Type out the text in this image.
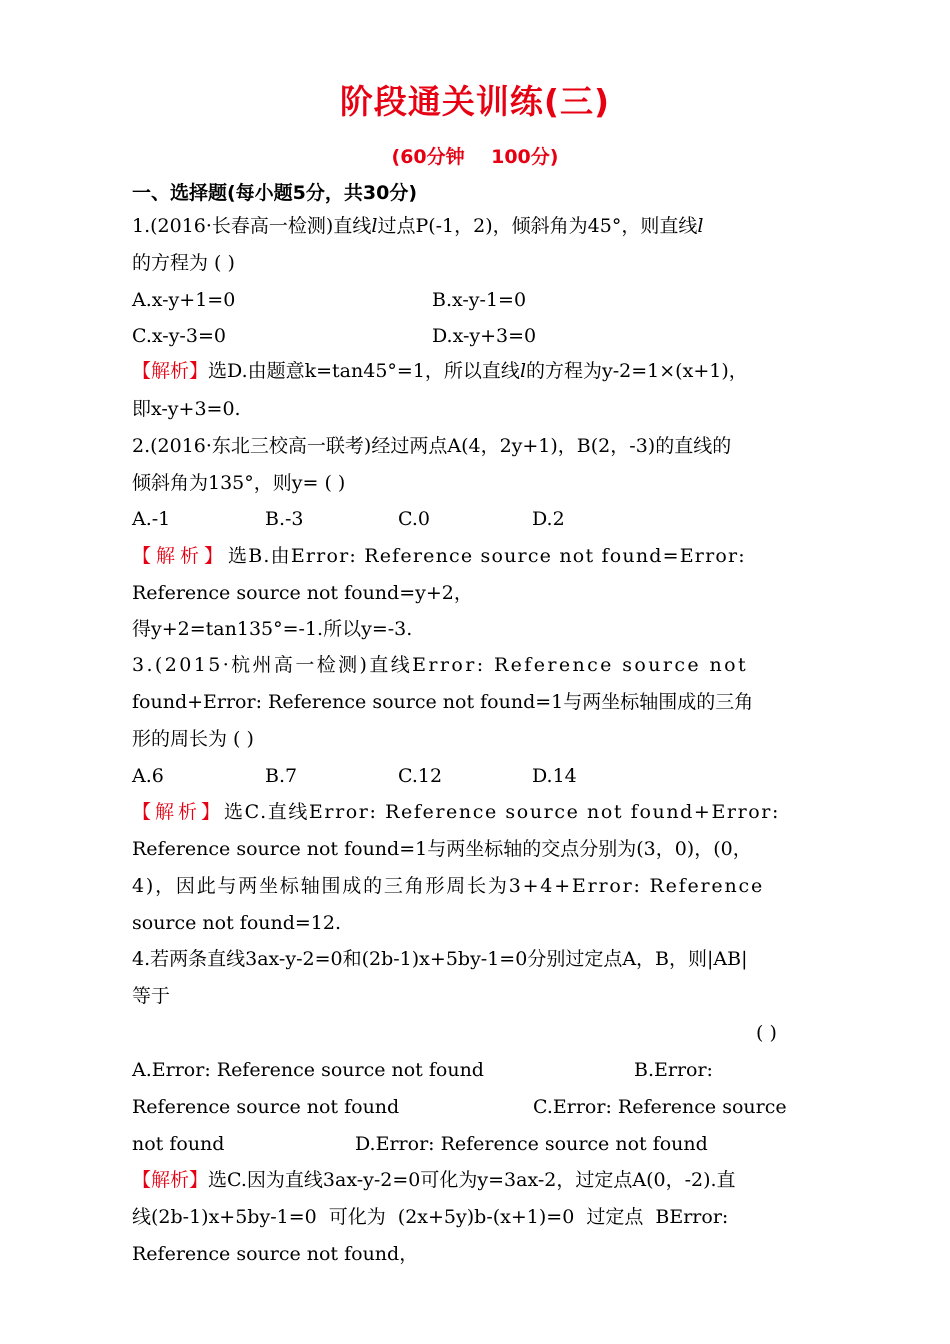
阶段通关训练(三)
(60分钟    100分)
一、选择题(每小题5分，共30分)
1.(2016·长春高一检测)直线l过点P(-1，2)，倾斜角为45°，则直线l
的方程为 ( )
A.x-y+1=0	B.x-y-1=0
C.x-y-3=0	D.x-y+3=0
【解析】选D.由题意k=tan45°=1，所以直线l的方程为y-2=1×(x+1)，
即x-y+3=0.
2.(2016·东北三校高一联考)经过两点A(4，2y+1)，B(2，-3)的直线的
倾斜角为135°，则y= ( )
A.-1	B.-3	C.0	D.2
【解析】选B.由Error: Reference source not found=Error:
Reference source not found=y+2，
得y+2=tan135°=-1.所以y=-3.
3.(2015·杭州高一检测)直线Error: Reference source not
found+Error: Reference source not found=1与两坐标轴围成的三角
形的周长为 ( )
A.6	B.7	C.12	D.14
【解析】选C.直线Error: Reference source not found+Error:
Reference source not found=1与两坐标轴的交点分别为(3，0)，(0，
4)，因此与两坐标轴围成的三角形周长为3+4+Error: Reference
source not found=12.
4.若两条直线3ax-y-2=0和(2b-1)x+5by-1=0分别过定点A，B，则|AB|
等于
( )
A.Error: Reference source not found	B.Error:
Reference source not found	C.Error: Reference source
not found	D.Error: Reference source not found
【解析】选C.因为直线3ax-y-2=0可化为y=3ax-2，过定点A(0，-2).直
线(2b-1)x+5by-1=0 可化为 (2x+5y)b-(x+1)=0 过定点 BError:
Reference source not found，
